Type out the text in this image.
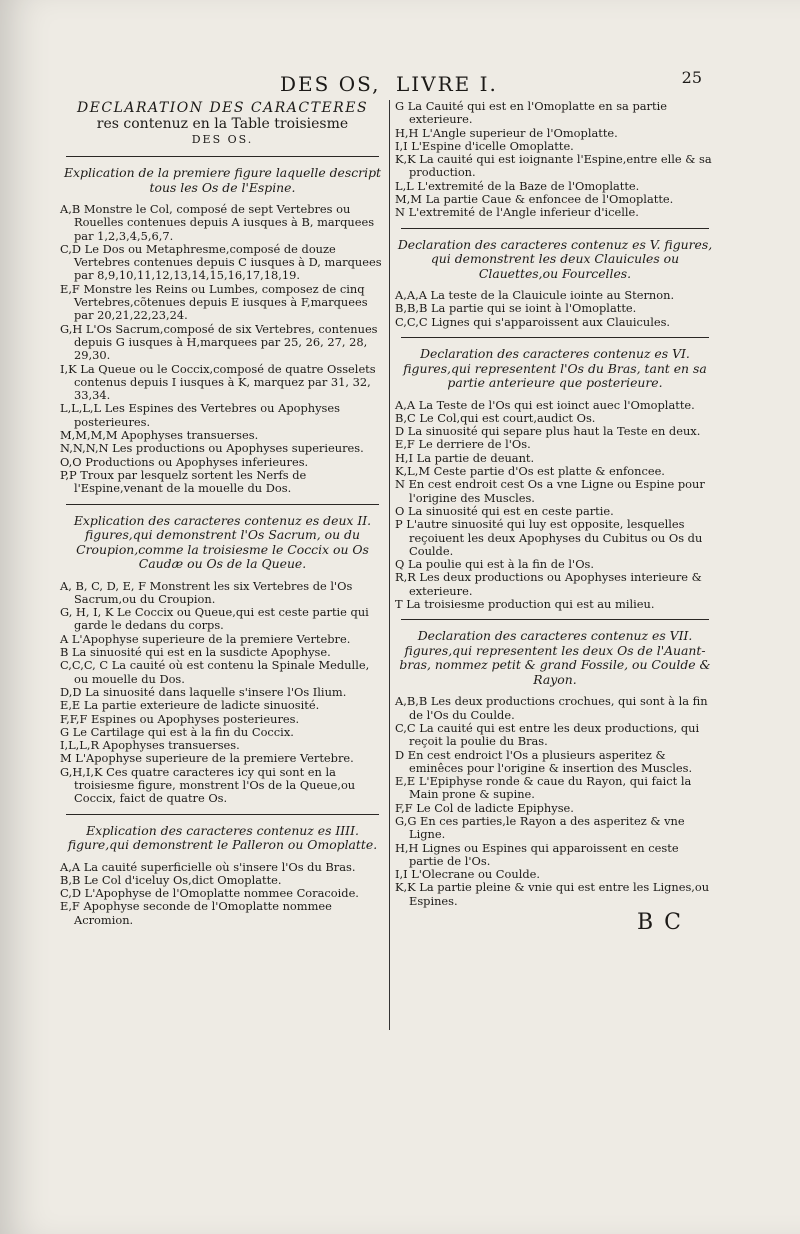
DES OS, LIVRE I.	25
DECLARATION DES CARACTERES
res contenuz en la Table troisiesme
DES OS.
Explication de la premiere figure laquelle descript tous les Os de l'Espine.

A,B Monstre le Col, composé de sept Vertebres ou Rouelles contenues depuis A iusques à B, marquees par 1,2,3,4,5,6,7.

C,D Le Dos ou Metaphresme,composé de douze Vertebres contenues depuis C iusques à D, marquees par 8,9,10,11,12,13,14,15,16,17,18,19.

E,F Monstre les Reins ou Lumbes, composez de cinq Vertebres,cõtenues depuis E iusques à F,marquees par 20,21,22,23,24.

G,H L'Os Sacrum,composé de six Vertebres, contenues depuis G iusques à H,marquees par 25, 26, 27, 28, 29,30.

I,K La Queue ou le Coccix,composé de quatre Osselets contenus depuis I iusques à K, marquez par 31, 32, 33,34.

L,L,L,L Les Espines des Vertebres ou Apophyses posterieures.

M,M,M,M Apophyses transuerses.

N,N,N,N Les productions ou Apophyses superieures.

O,O Productions ou Apophyses inferieures.

P,P Troux par lesquelz sortent les Nerfs de l'Espine,venant de la mouelle du Dos.

Explication des caracteres contenuz es deux II. figures,qui demonstrent l'Os Sacrum, ou du Croupion,comme la troisiesme le Coccix ou Os Caudæ ou Os de la Queue.

A, B, C, D, E, F Monstrent les six Vertebres de l'Os Sacrum,ou du Croupion.

G, H, I, K Le Coccix ou Queue,qui est ceste partie qui garde le dedans du corps.

A L'Apophyse superieure de la premiere Vertebre.

B La sinuosité qui est en la susdicte Apophyse.

C,C,C, C La cauité où est contenu la Spinale Medulle, ou mouelle du Dos.

D,D La sinuosité dans laquelle s'insere l'Os Ilium.

E,E La partie exterieure de ladicte sinuosité.

F,F,F Espines ou Apophyses posterieures.

G Le Cartilage qui est à la fin du Coccix.

I,L,L,R Apophyses transuerses.

M L'Apophyse superieure de la premiere Vertebre.

G,H,I,K Ces quatre caracteres icy qui sont en la troisiesme figure, monstrent l'Os de la Queue,ou Coccix, faict de quatre Os.

Explication des caracteres contenuz es IIII. figure,qui demonstrent le Palleron ou Omoplatte.

A,A La cauité superficielle où s'insere l'Os du Bras.

B,B Le Col d'iceluy Os,dict Omoplatte.

C,D L'Apophyse de l'Omoplatte nommee Coracoide.

E,F Apophyse seconde de l'Omoplatte nommee Acromion.

G La Cauité qui est en l'Omoplatte en sa partie exterieure.

H,H L'Angle superieur de l'Omoplatte.

I,I L'Espine d'icelle Omoplatte.

K,K La cauité qui est ioignante l'Espine,entre elle & sa production.

L,L L'extremité de la Baze de l'Omoplatte.

M,M La partie Caue & enfoncee de l'Omoplatte.

N L'extremité de l'Angle inferieur d'icelle.

Declaration des caracteres contenuz es V. figures, qui demonstrent les deux Clauicules ou Clauettes,ou Fourcelles.

A,A,A La teste de la Clauicule iointe au Sternon.

B,B,B La partie qui se ioint à l'Omoplatte.

C,C,C Lignes qui s'apparoissent aux Clauicules.

Declaration des caracteres contenuz es VI. figures,qui representent l'Os du Bras, tant en sa partie anterieure que posterieure.

A,A La Teste de l'Os qui est ioinct auec l'Omoplatte.

B,C Le Col,qui est court,audict Os.

D La sinuosité qui separe plus haut la Teste en deux.

E,F Le derriere de l'Os.

H,I La partie de deuant.

K,L,M Ceste partie d'Os est platte & enfoncee.

N En cest endroit cest Os a vne Ligne ou Espine pour l'origine des Muscles.

O La sinuosité qui est en ceste partie.

P L'autre sinuosité qui luy est opposite, lesquelles reçoiuent les deux Apophyses du Cubitus ou Os du Coulde.

Q La poulie qui est à la fin de l'Os.

R,R Les deux productions ou Apophyses interieure & exterieure.

T La troisiesme production qui est au milieu.

Declaration des caracteres contenuz es VII. figures,qui representent les deux Os de l'Auant-bras, nommez petit & grand Fossile, ou Coulde & Rayon.

A,B,B Les deux productions crochues, qui sont à la fin de l'Os du Coulde.

C,C La cauité qui est entre les deux productions, qui reçoit la poulie du Bras.

D En cest endroict l'Os a plusieurs asperitez & eminêces pour l'origine & insertion des Muscles.

E,E L'Epiphyse ronde & caue du Rayon, qui faict la Main prone & supine.

F,F Le Col de ladicte Epiphyse.

G,G En ces parties,le Rayon a des asperitez & vne Ligne.

H,H Lignes ou Espines qui apparoissent en ceste partie de l'Os.

I,I L'Olecrane ou Coulde.

K,K La partie pleine & vnie qui est entre les Lignes,ou Espines.

B C
